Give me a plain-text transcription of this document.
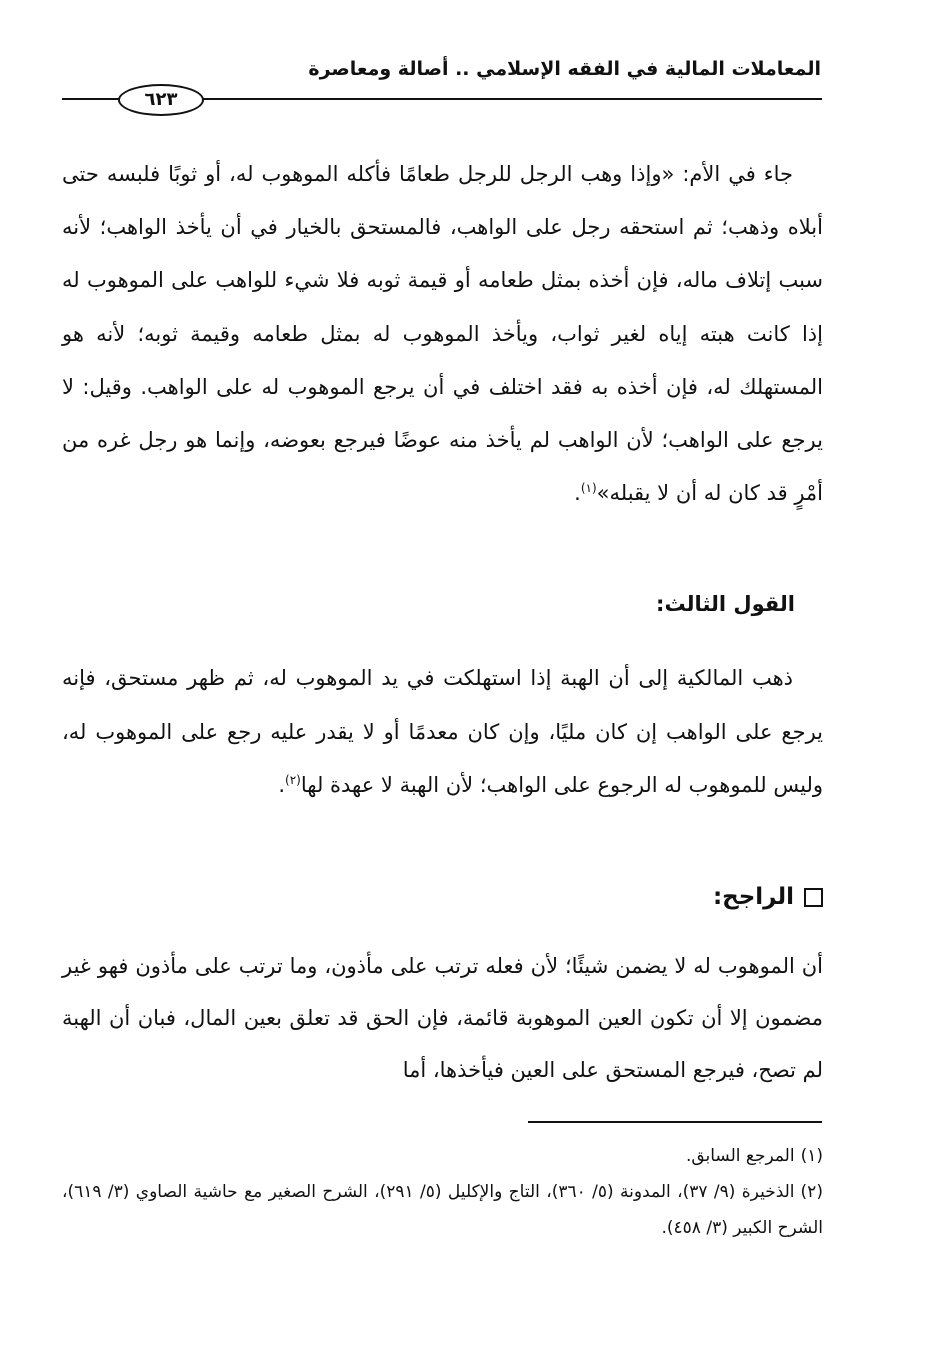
المعاملات المالية في الفقه الإسلامي .. أصالة ومعاصرة
٦٢٣
جاء في الأم: «وإذا وهب الرجل للرجل طعامًا فأكله الموهوب له، أو ثوبًا فلبسه حتى أبلاه وذهب؛ ثم استحقه رجل على الواهب، فالمستحق بالخيار في أن يأخذ الواهب؛ لأنه سبب إتلاف ماله، فإن أخذه بمثل طعامه أو قيمة ثوبه فلا شيء للواهب على الموهوب له إذا كانت هبته إياه لغير ثواب، ويأخذ الموهوب له بمثل طعامه وقيمة ثوبه؛ لأنه هو المستهلك له، فإن أخذه به فقد اختلف في أن يرجع الموهوب له على الواهب. وقيل: لا يرجع على الواهب؛ لأن الواهب لم يأخذ منه عوضًا فيرجع بعوضه، وإنما هو رجل غره من أمْرٍ قد كان له أن لا يقبله»$^{(١)}$.
القول الثالث:
ذهب المالكية إلى أن الهبة إذا استهلكت في يد الموهوب له، ثم ظهر مستحق، فإنه يرجع على الواهب إن كان مليًا، وإن كان معدمًا أو لا يقدر عليه رجع على الموهوب له، وليس للموهوب له الرجوع على الواهب؛ لأن الهبة لا عهدة لها$^{(٢)}$.
الراجح:
أن الموهوب له لا يضمن شيئًا؛ لأن فعله ترتب على مأذون، وما ترتب على مأذون فهو غير مضمون إلا أن تكون العين الموهوبة قائمة، فإن الحق قد تعلق بعين المال، فبان أن الهبة لم تصح، فيرجع المستحق على العين فيأخذها، أما

(١)المرجع السابق.

(٢)الذخيرة (٩/ ٣٧)، المدونة (٥/ ٣٦٠)، التاج والإكليل (٥/ ٢٩١)، الشرح الصغير مع حاشية الصاوي (٣/ ٦١٩)، الشرح الكبير (٣/ ٤٥٨).
